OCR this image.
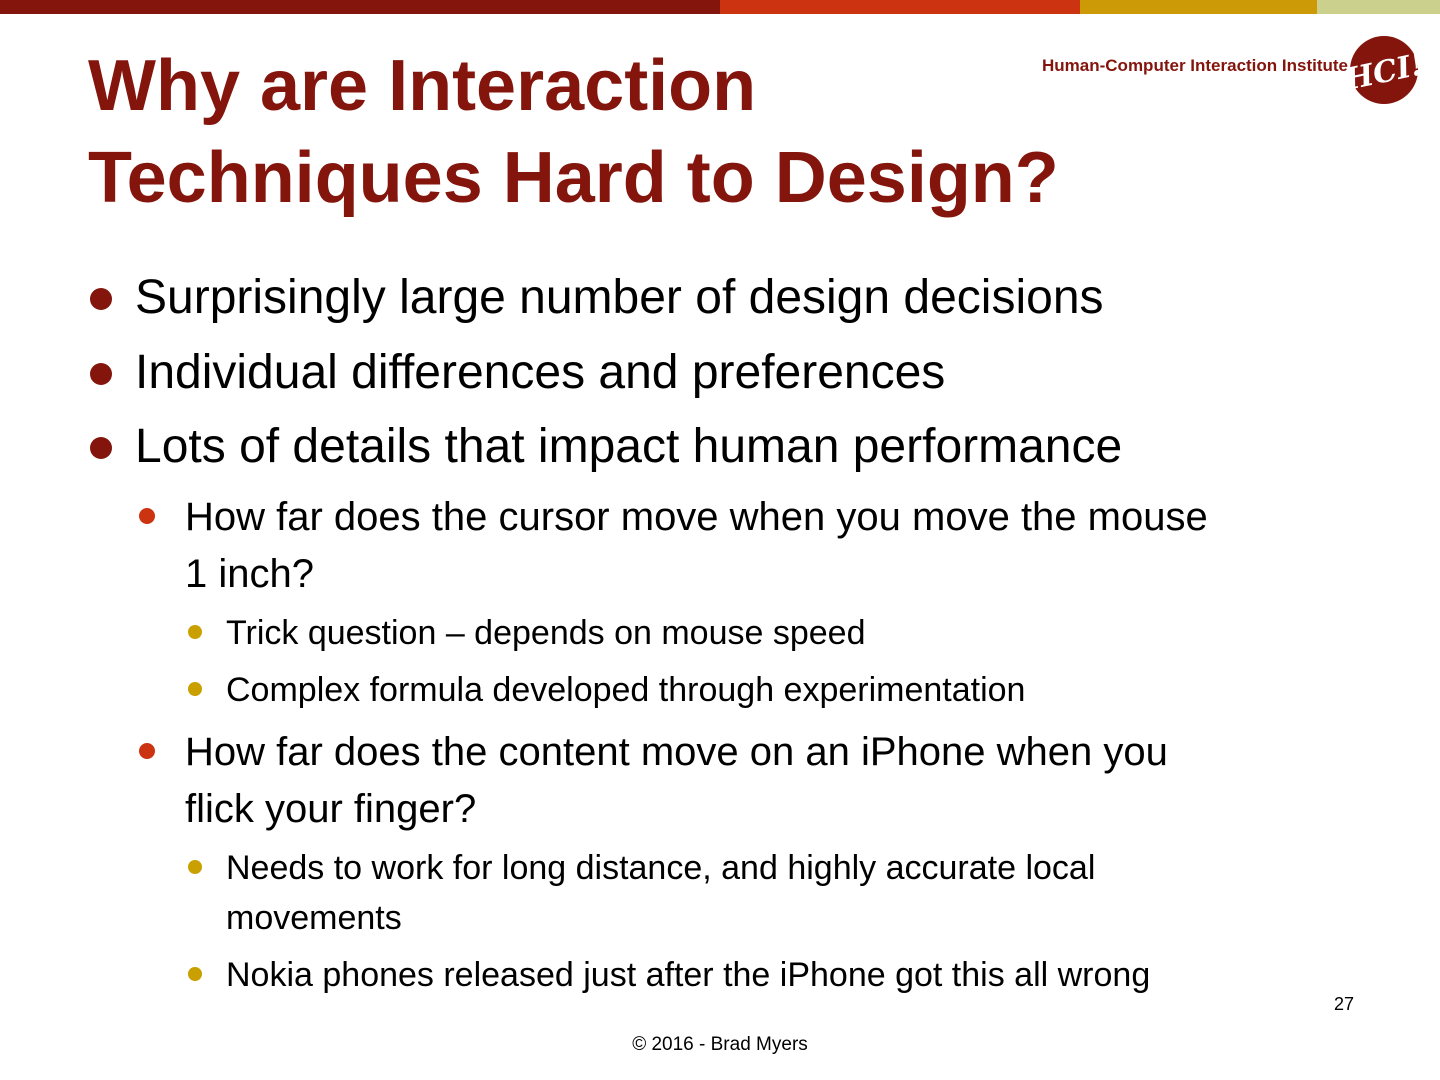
Why are Interaction
Techniques Hard to Design?
Human-Computer Interaction Institute
HCI!
Surprisingly large number of design decisions
Individual differences and preferences
Lots of details that impact human performance
How far does the cursor move when you move the mouse
1 inch?
Trick question – depends on mouse speed
Complex formula developed through experimentation
How far does the content move on an iPhone when you
flick your finger?
Needs to work for long distance, and highly accurate local
movements
Nokia phones released just after the iPhone got this all wrong
27
© 2016 - Brad Myers
